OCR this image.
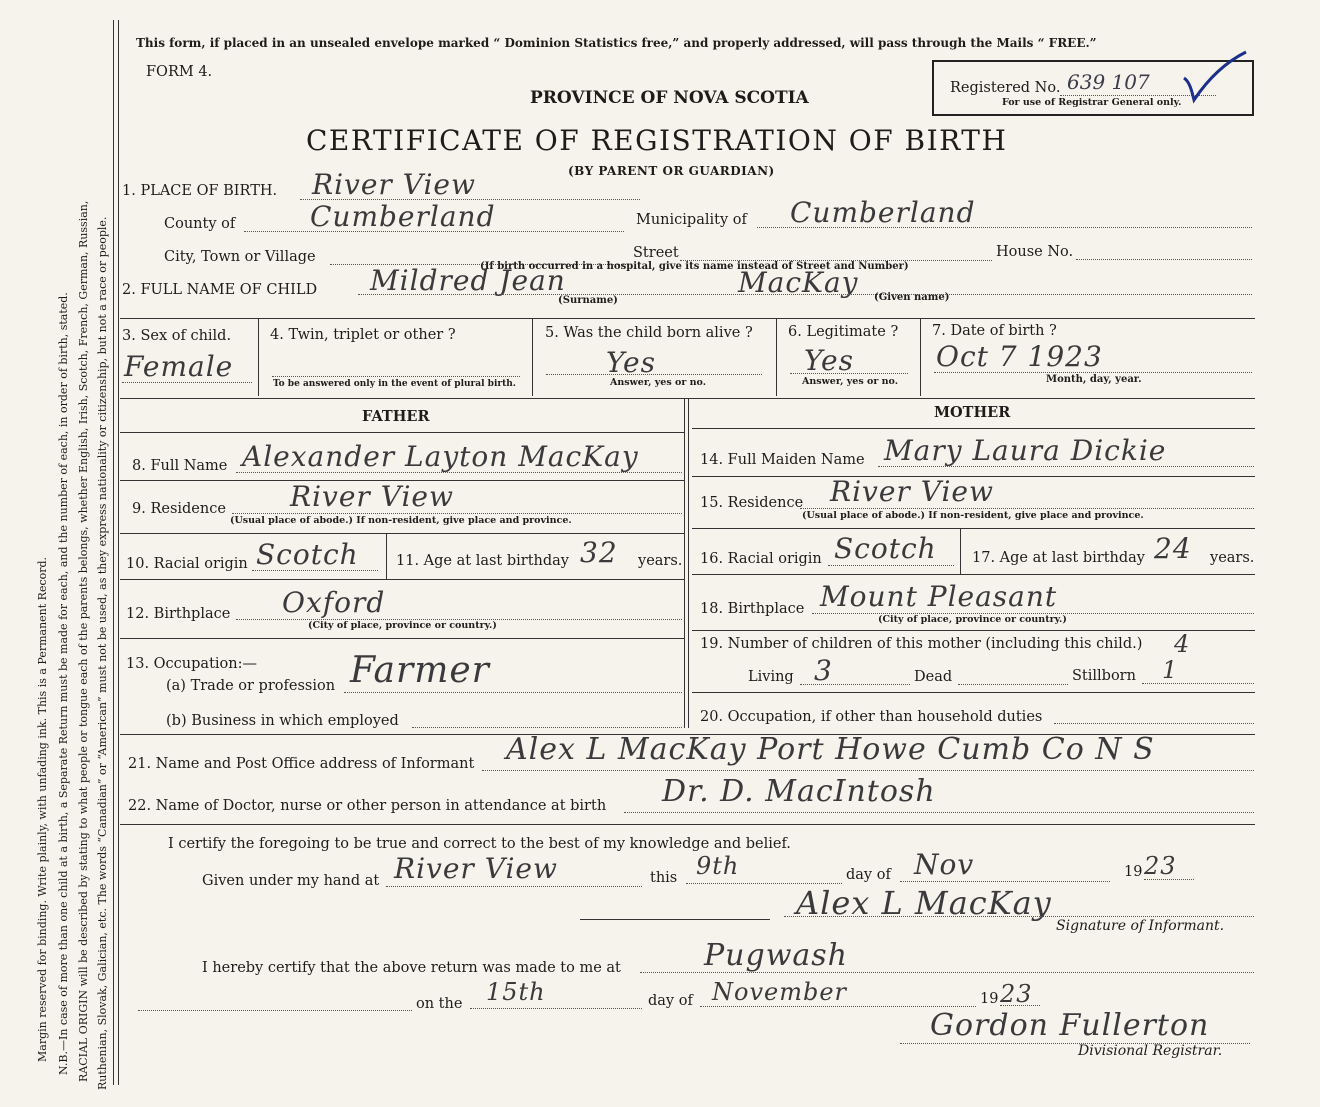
Margin reserved for binding. Write plainly, with unfading ink. This is a Permanent Record. N.B.—In case of more than one child at a birth, a Separate Return must be made for each, and the number of each, in order of birth, stated. RACIAL ORIGIN will be described by stating to what people or tongue each of the parents belongs, whether English, Irish, Scotch, French, German, Russian, Ruthenian, Slovak, Galician, etc. The words “Canadian” or “American” must not be used, as they express nationality or citizenship, but not a race or people.
This form, if placed in an unsealed envelope marked “ Dominion Statistics free,” and properly addressed, will pass through the Mails “ FREE.”
FORM 4.
Registered No. 639 107
For use of Registrar General only.
PROVINCE OF NOVA SCOTIA
CERTIFICATE OF REGISTRATION OF BIRTH
(BY PARENT OR GUARDIAN)
1. PLACE OF BIRTH. River View
County of	Cumberland	Municipality of Cumberland
City, Town or Village	Street	House No.
(If birth occurred in a hospital, give its name instead of Street and Number)
2. FULL NAME OF CHILD Mildred Jean	MacKay
(Surname)	(Given name)
3. Sex of child.
Female
4. Twin, triplet or other ?
To be answered only in the event of plural birth.
5. Was the child born alive ?
Yes
Answer, yes or no.
6. Legitimate ?
Yes
Answer, yes or no.
7. Date of birth ?
Oct 7 1923
Month, day, year.
FATHER	MOTHER
8. Full Name Alexander Layton MacKay
9. Residence River View
(Usual place of abode.) If non-resident, give place and province.
10. Racial origin Scotch	11. Age at last birthday 32 years.
12. Birthplace Oxford
(City of place, province or country.)
13. Occupation:—
(a) Trade or profession Farmer
(b) Business in which employed
14. Full Maiden Name Mary Laura Dickie
15. Residence River View
(Usual place of abode.) If non-resident, give place and province.
16. Racial origin Scotch 17. Age at last birthday 24 years.
18. Birthplace Mount Pleasant
(City of place, province or country.)
19. Number of children of this mother (including this child.) 4
Living 3	Dead	Stillborn 1
20. Occupation, if other than household duties
21. Name and Post Office address of Informant Alex L MacKay Port Howe Cumb Co N S
22. Name of Doctor, nurse or other person in attendance at birth Dr. D. MacIntosh
I certify the foregoing to be true and correct to the best of my knowledge and belief.
Given under my hand at River View	this 9th	day of Nov	19 23
Alex L MacKay
Signature of Informant.
I hereby certify that the above return was made to me at	Pugwash
on the 15th	day of November	19 23
Gordon Fullerton
Divisional Registrar.
